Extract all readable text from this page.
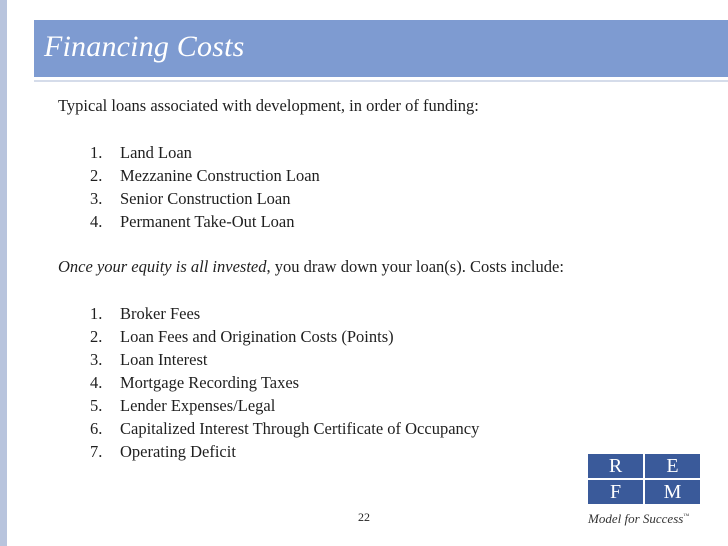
Financing Costs
Typical loans associated with development, in order of funding:
1. Land Loan
2. Mezzanine Construction Loan
3. Senior Construction Loan
4. Permanent Take-Out Loan
Once your equity is all invested, you draw down your loan(s). Costs include:
1. Broker Fees
2. Loan Fees and Origination Costs (Points)
3. Loan Interest
4. Mortgage Recording Taxes
5. Lender Expenses/Legal
6. Capitalized Interest Through Certificate of Occupancy
7. Operating Deficit
R	E
F	M
Model for Success™
22
